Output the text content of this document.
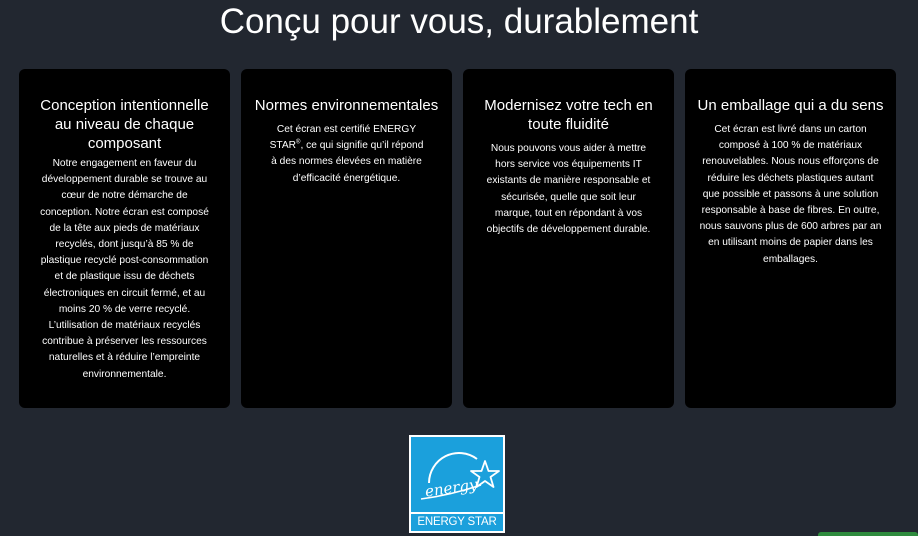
Conçu pour vous, durablement
Conception intentionnelle au niveau de chaque composant

Notre engagement en faveur du développement durable se trouve au cœur de notre démarche de conception. Notre écran est composé de la tête aux pieds de matériaux recyclés, dont jusqu’à 85 % de plastique recyclé post-consommation et de plastique issu de déchets électroniques en circuit fermé, et au moins 20 % de verre recyclé. L’utilisation de matériaux recyclés contribue à préserver les ressources naturelles et à réduire l’empreinte environnementale.

Normes environnementales

Cet écran est certifié ENERGY STAR®, ce qui signifie qu’il répond à des normes élevées en matière d’efficacité énergétique.

Modernisez votre tech en toute fluidité

Nous pouvons vous aider à mettre hors service vos équipements IT existants de manière responsable et sécurisée, quelle que soit leur marque, tout en répondant à vos objectifs de développement durable.

Un emballage qui a du sens

Cet écran est livré dans un carton composé à 100 % de matériaux renouvelables. Nous nous efforçons de réduire les déchets plastiques autant que possible et passons à une solution responsable à base de fibres. En outre, nous sauvons plus de 600 arbres par an en utilisant moins de papier dans les emballages.

energy
ENERGY STAR
